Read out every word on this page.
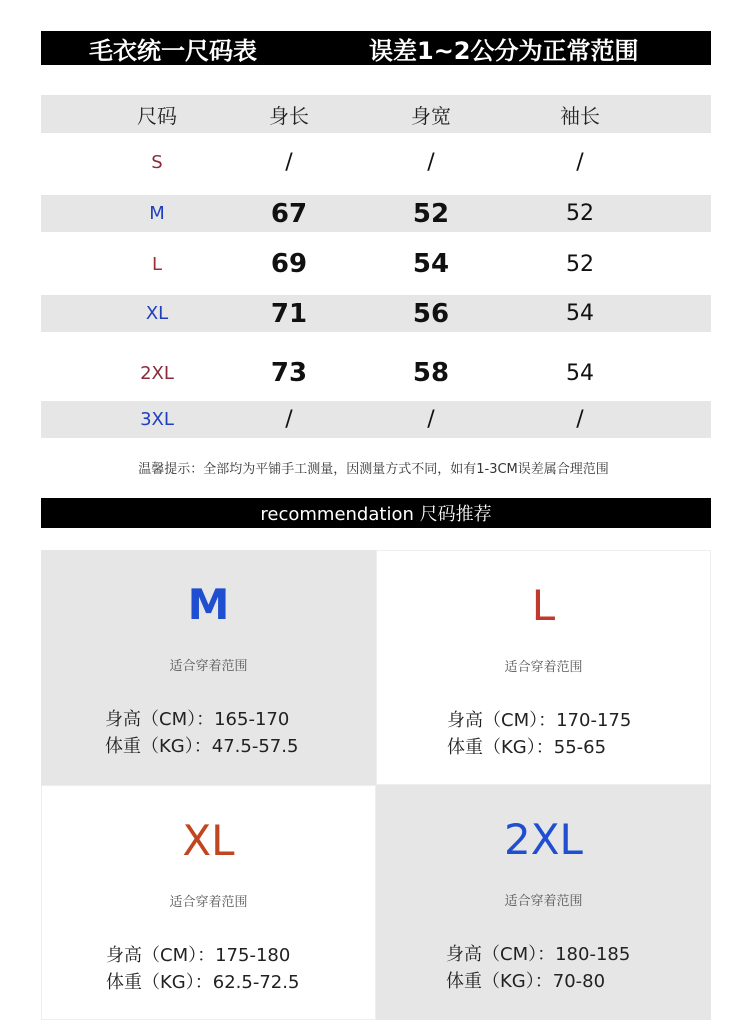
毛衣统一尺码表	误差1~2公分为正常范围
尺码	身长	身宽	袖长
S	/	/	/
M	67	52	52
L	69	54	52
XL	71	56	54
2XL	73	58	54
3XL	/	/	/
温馨提示：全部均为平铺手工测量，因测量方式不同，如有1-3CM误差属合理范围
recommendation 尺码推荐
M
适合穿着范围
身高（CM）：165-170
体重（KG）：47.5-57.5
L
适合穿着范围
身高（CM）：170-175
体重（KG）：55-65
XL
适合穿着范围
身高（CM）：175-180
体重（KG）：62.5-72.5
2XL
适合穿着范围
身高（CM）：180-185
体重（KG）：70-80
